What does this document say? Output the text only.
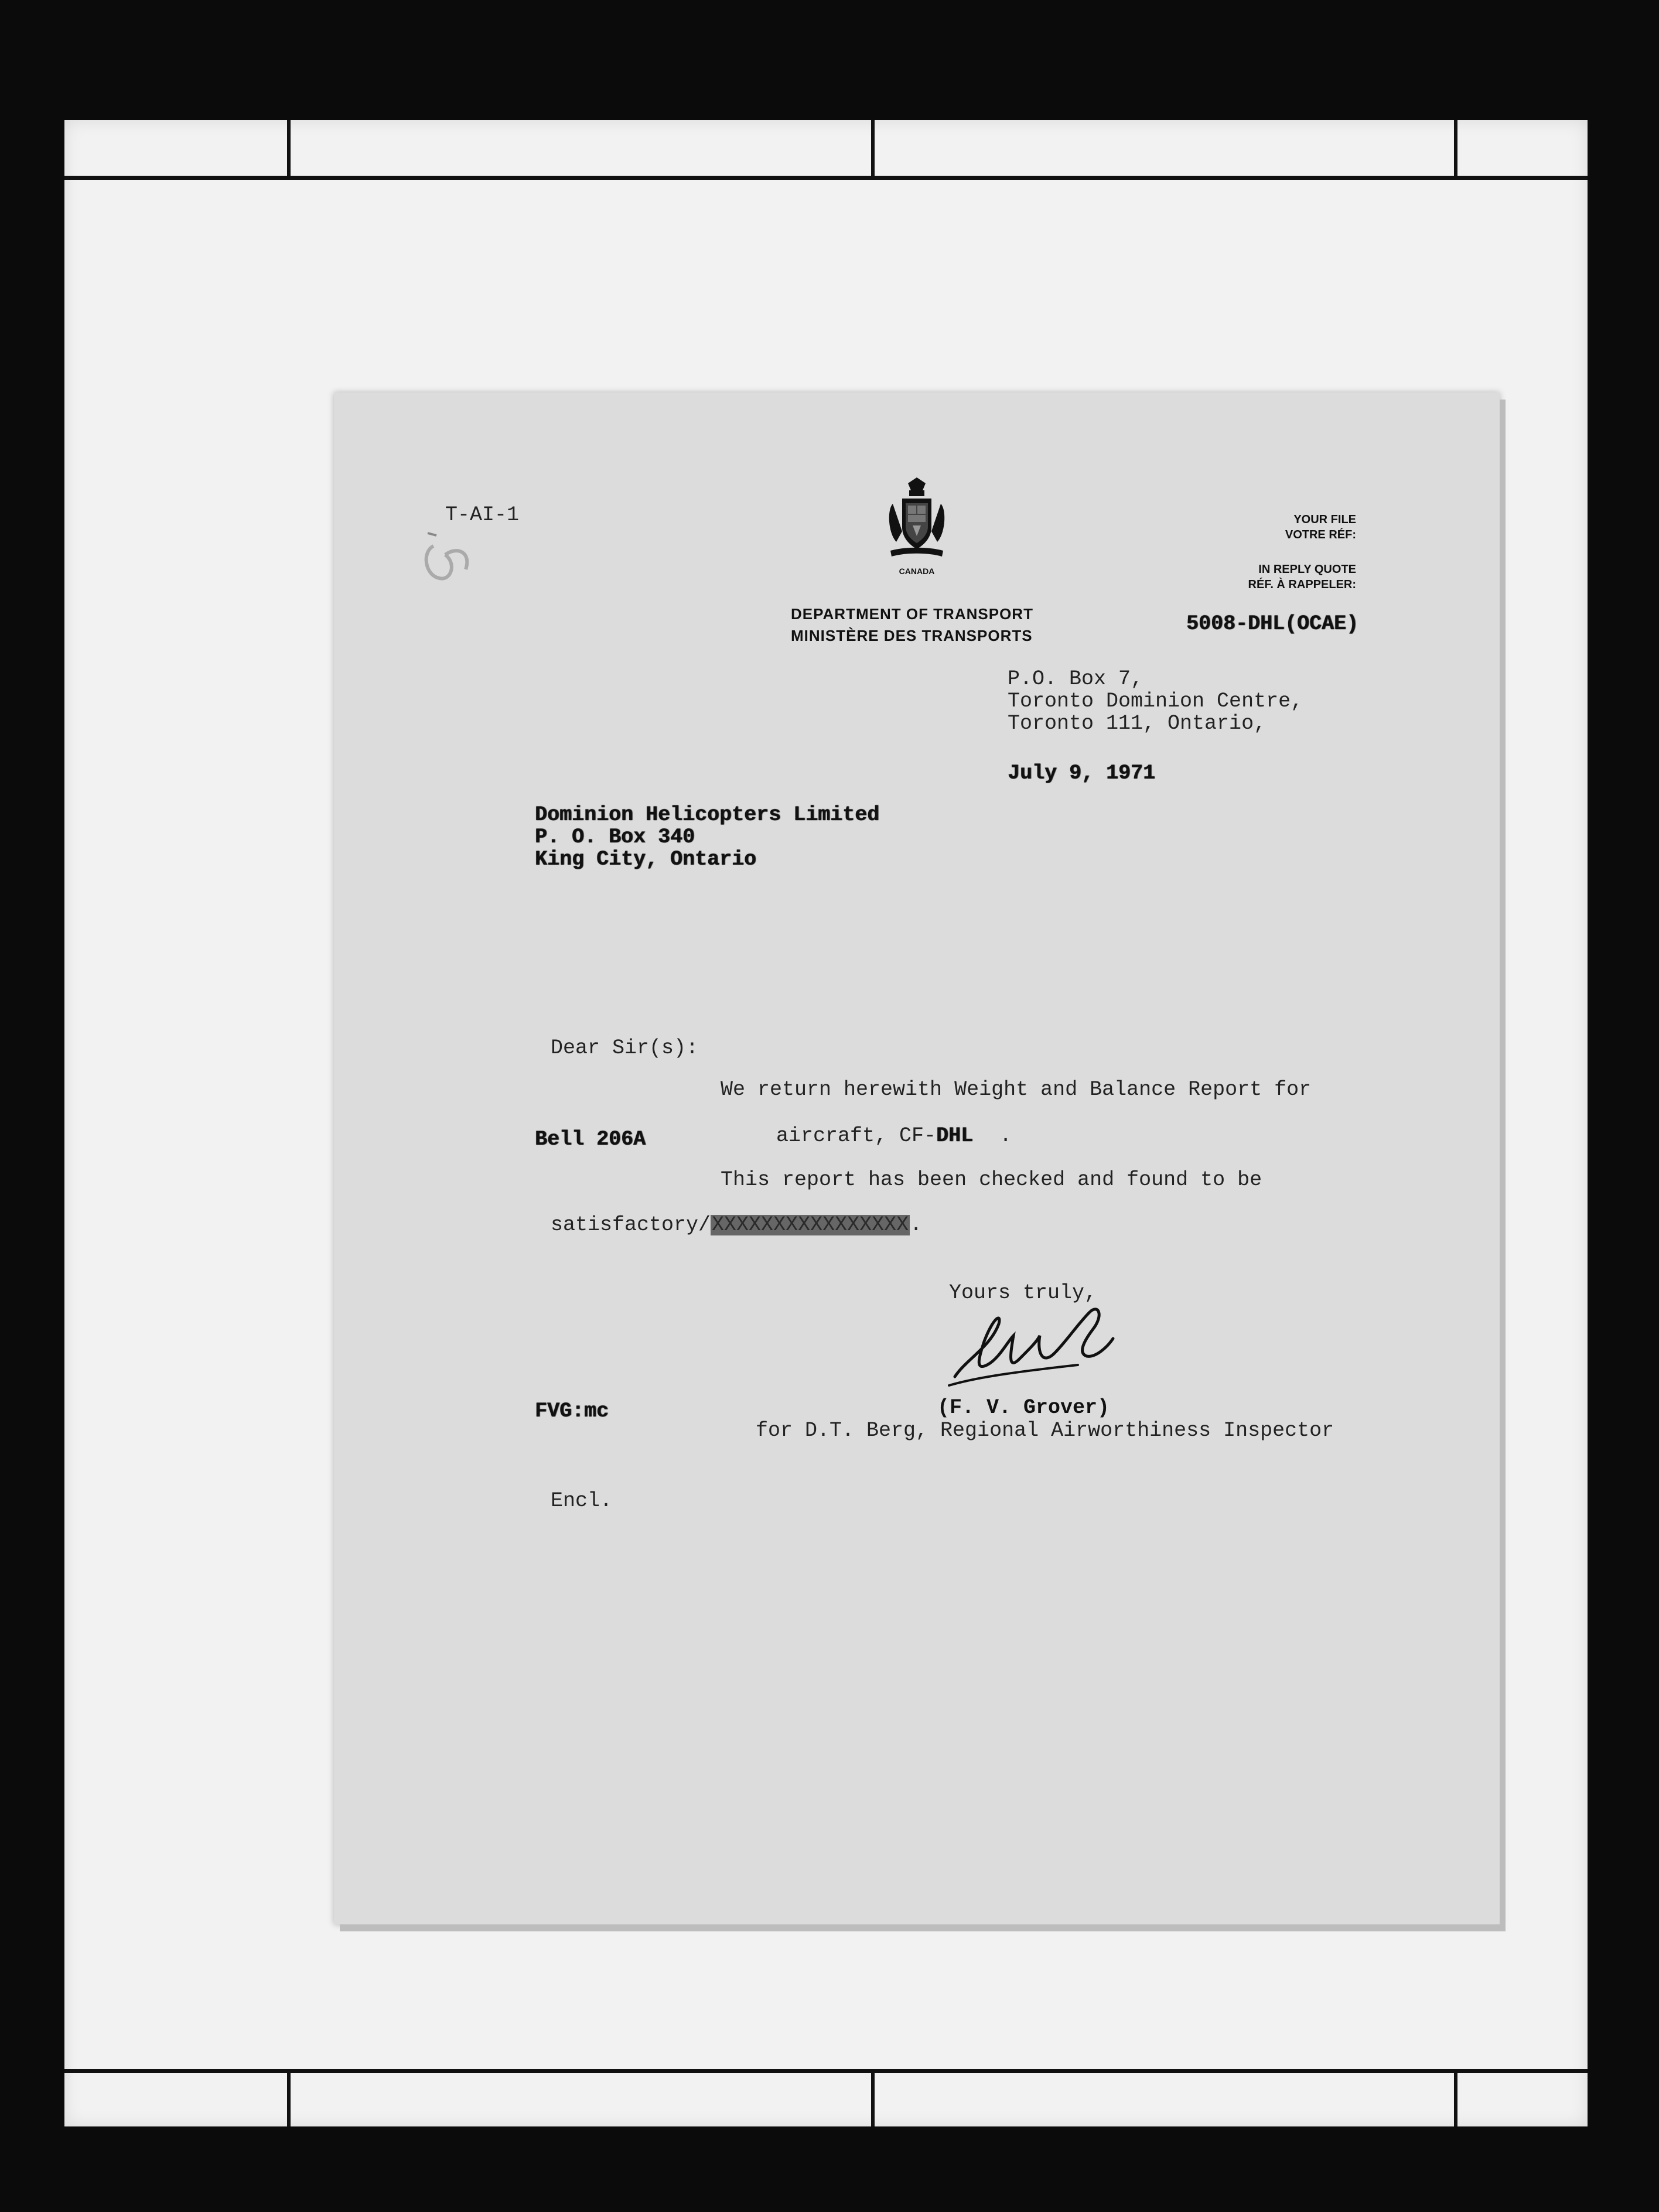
T-AI-1
CANADA
DEPARTMENT OF TRANSPORT
MINISTÈRE DES TRANSPORTS
YOUR FILE
VOTRE RÉF:
IN REPLY QUOTE
RÉF. À RAPPELER:
5008-DHL(OCAE)
P.O. Box 7,
Toronto Dominion Centre,
Toronto 111, Ontario,
July 9, 1971
Dominion Helicopters Limited
P. O. Box 340
King City, Ontario
Dear Sir(s):
We return herewith Weight and Balance Report for
Bell 206A	aircraft, CF-DHL .
This report has been checked and found to be
satisfactory/XXXXXXXXXXXXXXXX.
Yours truly,
(F. V. Grover)
for D.T. Berg, Regional Airworthiness Inspector
FVG:mc
Encl.
